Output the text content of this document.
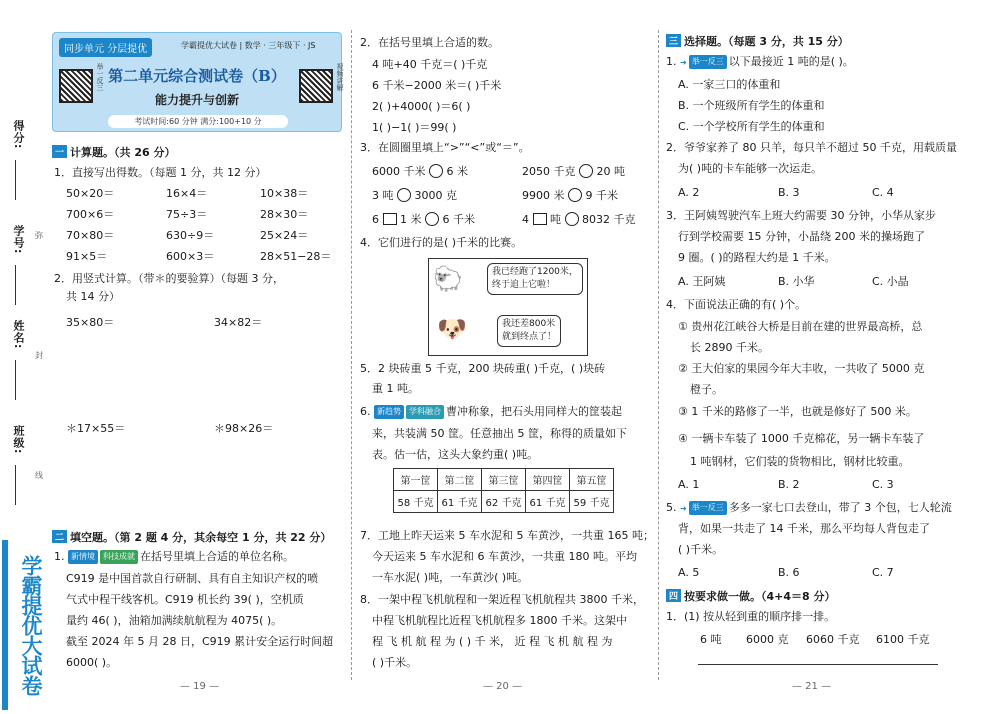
得分:
学号:
姓名:
班级:
弥
封
线
学霸提优大试卷
同步单元 分层提优	学霸提优大试卷 | 数学 · 三年级下 · JS
举一反三	视频讲解
第二单元综合测试卷（B）
能力提升与创新
考试时间:60 分钟 满分:100+10 分
一 计算题。（共 26 分）
1．直接写出得数。（每题 1 分，共 12 分）
50×20＝	16×4＝	10×38＝
700×6＝	75÷3＝	28×30＝
70×80＝	630÷9＝	25×24＝
91×5＝	600×3＝	28×51−28＝
2．用竖式计算。（带＊的要验算）（每题 3 分，
共 14 分）
35×80＝	34×82＝
＊17×55＝	＊98×26＝
二 填空题。（第 2 题 4 分，其余每空 1 分，共 22 分）
1. 新情境 科技成就 在括号里填上合适的单位名称。
C919 是中国首款自行研制、具有自主知识产权的喷
气式中程干线客机。C919 机长约 39( )，空机质
量约 46( )，油箱加满续航航程为 4075( )。
截至 2024 年 5 月 28 日，C919 累计安全运行时间超
6000( )。
— 19 —
2．在括号里填上合适的数。
4 吨+40 千克＝( )千克
6 千米−2000 米＝( )千米
2( )+4000( )＝6( )
1( )−1( )＝99( )
3．在圆圈里填上“>”“<”或“＝”。
6000 千米 6 米	2050 千克 20 吨
3 吨 3000 克	9900 米 9 千米
6 1 米 6 千米	4 吨 8032 千克
4．它们进行的是( )千米的比赛。
🐑	我已经跑了1200米，
终于追上它啦！
🐶	我还差800米
就到终点了！
5．2 块砖重 5 千克，200 块砖重( )千克，( )块砖
重 1 吨。
6. 新趋势 学科融合 曹冲称象，把石头用同样大的筐装起
来，共装满 50 筐。任意抽出 5 筐，称得的质量如下
表。估一估，这头大象约重( )吨。
第一筐	第二筐	第三筐	第四筐	第五筐
58 千克	61 千克	62 千克	61 千克	59 千克
7．工地上昨天运来 5 车水泥和 5 车黄沙，一共重 165 吨；
今天运来 5 车水泥和 6 车黄沙，一共重 180 吨。平均
一车水泥( )吨，一车黄沙( )吨。
8．一架中程飞机航程和一架近程飞机航程共 3800 千米，
中程飞机航程比近程飞机航程多 1800 千米。这架中
程 飞 机 航 程 为 ( ) 千 米， 近 程 飞 机 航 程 为
( )千米。
— 20 —
三 选择题。（每题 3 分，共 15 分）
1. ➜ 举一反三 以下最接近 1 吨的是( )。
A. 一家三口的体重和
B. 一个班级所有学生的体重和
C. 一个学校所有学生的体重和
2．爷爷家养了 80 只羊，每只羊不超过 50 千克，用载质量
为( )吨的卡车能够一次运走。
A. 2	B. 3	C. 4
3．王阿姨驾驶汽车上班大约需要 30 分钟，小华从家步
行到学校需要 15 分钟，小晶绕 200 米的操场跑了
9 圈。( )的路程大约是 1 千米。
A. 王阿姨	B. 小华	C. 小晶
4．下面说法正确的有( )个。
① 贵州花江峡谷大桥是目前在建的世界最高桥，总
长 2890 千米。
② 王大伯家的果园今年大丰收，一共收了 5000 克
橙子。
③ 1 千米的路修了一半，也就是修好了 500 米。
④ 一辆卡车装了 1000 千克棉花，另一辆卡车装了
1 吨钢材，它们装的货物相比，钢材比较重。
A. 1	B. 2	C. 3
5. ➜ 举一反三 多多一家七口去登山，带了 3 个包，七人轮流
背，如果一共走了 14 千米，那么平均每人背包走了
( )千米。
A. 5	B. 6	C. 7
四 按要求做一做。（4+4＝8 分）
1．(1) 按从轻到重的顺序排一排。
6 吨 6000 克 6060 千克 6100 千克
— 21 —
